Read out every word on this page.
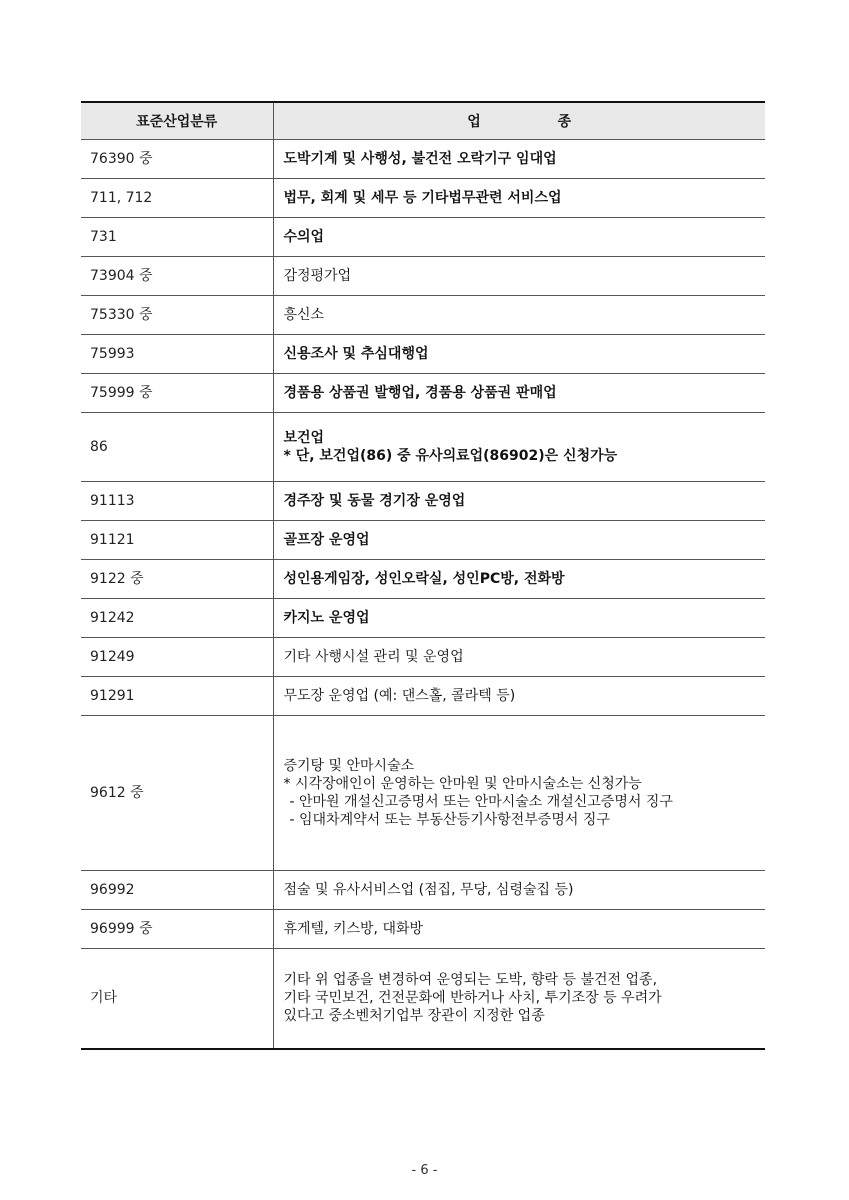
표준산업분류	업 종
76390 중	도박기계 및 사행성, 불건전 오락기구 임대업

711, 712	법무, 회계 및 세무 등 기타법무관련 서비스업

731	수의업

73904 중	감정평가업

75330 중	흥신소

75993	신용조사 및 추심대행업

75999 중	경품용 상품권 발행업, 경품용 상품권 판매업

86	보건업
* 단, 보건업(86) 중 유사의료업(86902)은 신청가능

91113	경주장 및 동물 경기장 운영업

91121	골프장 운영업

9122 중	성인용게임장, 성인오락실, 성인PC방, 전화방

91242	카지노 운영업

91249	기타 사행시설 관리 및 운영업

91291	무도장 운영업 (예: 댄스홀, 콜라텍 등)

9612 중	증기탕 및 안마시술소
* 시각장애인이 운영하는 안마원 및 안마시술소는 신청가능
- 안마원 개설신고증명서 또는 안마시술소 개설신고증명서 징구
- 임대차계약서 또는 부동산등기사항전부증명서 징구

96992	점술 및 유사서비스업 (점집, 무당, 심령술집 등)

96999 중	휴게텔, 키스방, 대화방

기타	기타 위 업종을 변경하여 운영되는 도박, 향락 등 불건전 업종,
기타 국민보건, 건전문화에 반하거나 사치, 투기조장 등 우려가
있다고 중소벤처기업부 장관이 지정한 업종
- 6 -
